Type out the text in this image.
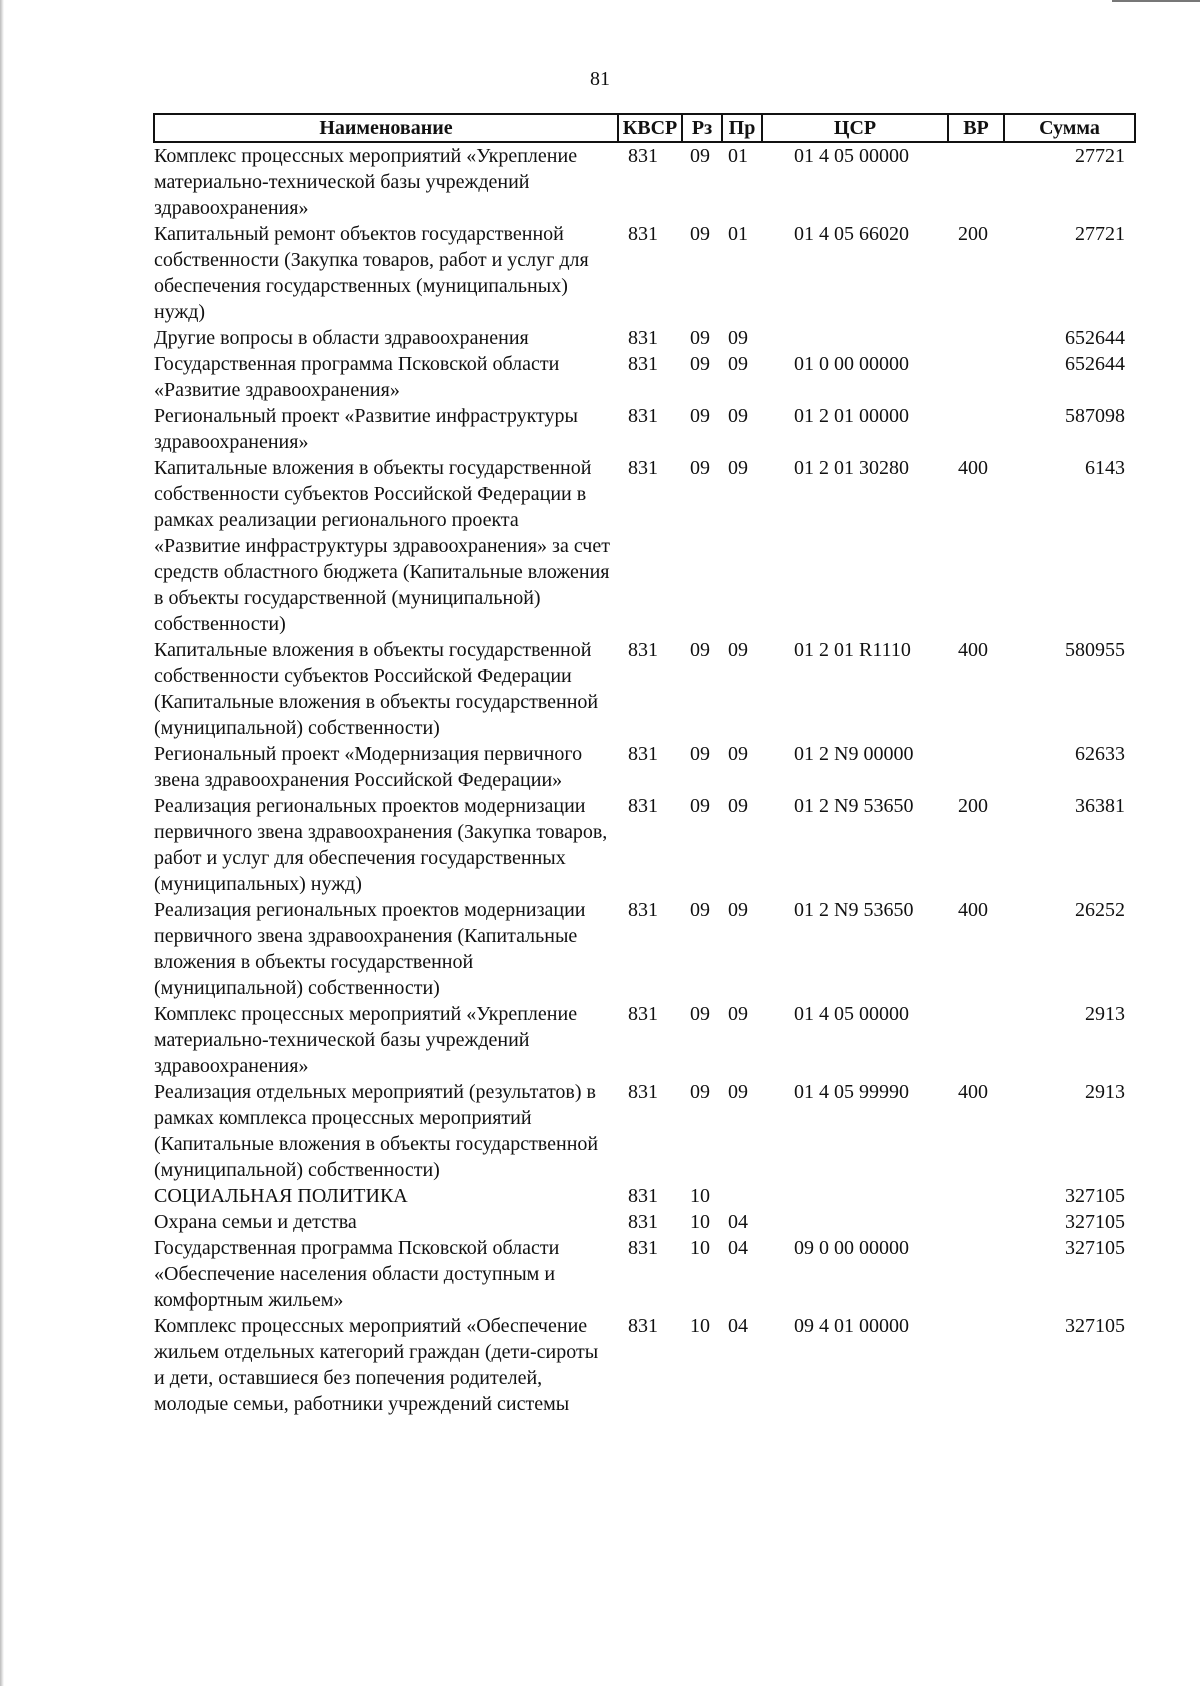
81
Наименование	КВСР	Рз	Пр	ЦСР	ВР	Сумма
Комплекс процессных мероприятий «Укрепление материально-технической базы учреждений здравоохранения»	831	09	01	01 4 05 00000		27721
Капитальный ремонт объектов государственной собственности (Закупка товаров, работ и услуг для обеспечения государственных (муниципальных) нужд)	831	09	01	01 4 05 66020	200	27721
Другие вопросы в области здравоохранения	831	09	09			652644
Государственная программа Псковской области «Развитие здравоохранения»	831	09	09	01 0 00 00000		652644
Региональный проект «Развитие инфраструктуры здравоохранения»	831	09	09	01 2 01 00000		587098
Капитальные вложения в объекты государственной собственности субъектов Российской Федерации в рамках реализации регионального проекта «Развитие инфраструктуры здравоохранения» за счет средств областного бюджета (Капитальные вложения в объекты государственной (муниципальной) собственности)	831	09	09	01 2 01 30280	400	6143
Капитальные вложения в объекты государственной собственности субъектов Российской Федерации (Капитальные вложения в объекты государственной (муниципальной) собственности)	831	09	09	01 2 01 R1110	400	580955
Региональный проект «Модернизация первичного звена здравоохранения Российской Федерации»	831	09	09	01 2 N9 00000		62633
Реализация региональных проектов модернизации первичного звена здравоохранения (Закупка товаров, работ и услуг для обеспечения государственных (муниципальных) нужд)	831	09	09	01 2 N9 53650	200	36381
Реализация региональных проектов модернизации первичного звена здравоохранения (Капитальные вложения в объекты государственной (муниципальной) собственности)	831	09	09	01 2 N9 53650	400	26252
Комплекс процессных мероприятий «Укрепление материально-технической базы учреждений здравоохранения»	831	09	09	01 4 05 00000		2913
Реализация отдельных мероприятий (результатов) в рамках комплекса процессных мероприятий (Капитальные вложения в объекты государственной (муниципальной) собственности)	831	09	09	01 4 05 99990	400	2913
СОЦИАЛЬНАЯ ПОЛИТИКА	831	10				327105
Охрана семьи и детства	831	10	04			327105
Государственная программа Псковской области «Обеспечение населения области доступным и комфортным жильем»	831	10	04	09 0 00 00000		327105
Комплекс процессных мероприятий «Обеспечение жильем отдельных категорий граждан (дети-сироты и дети, оставшиеся без попечения родителей, молодые семьи, работники учреждений системы	831	10	04	09 4 01 00000		327105
